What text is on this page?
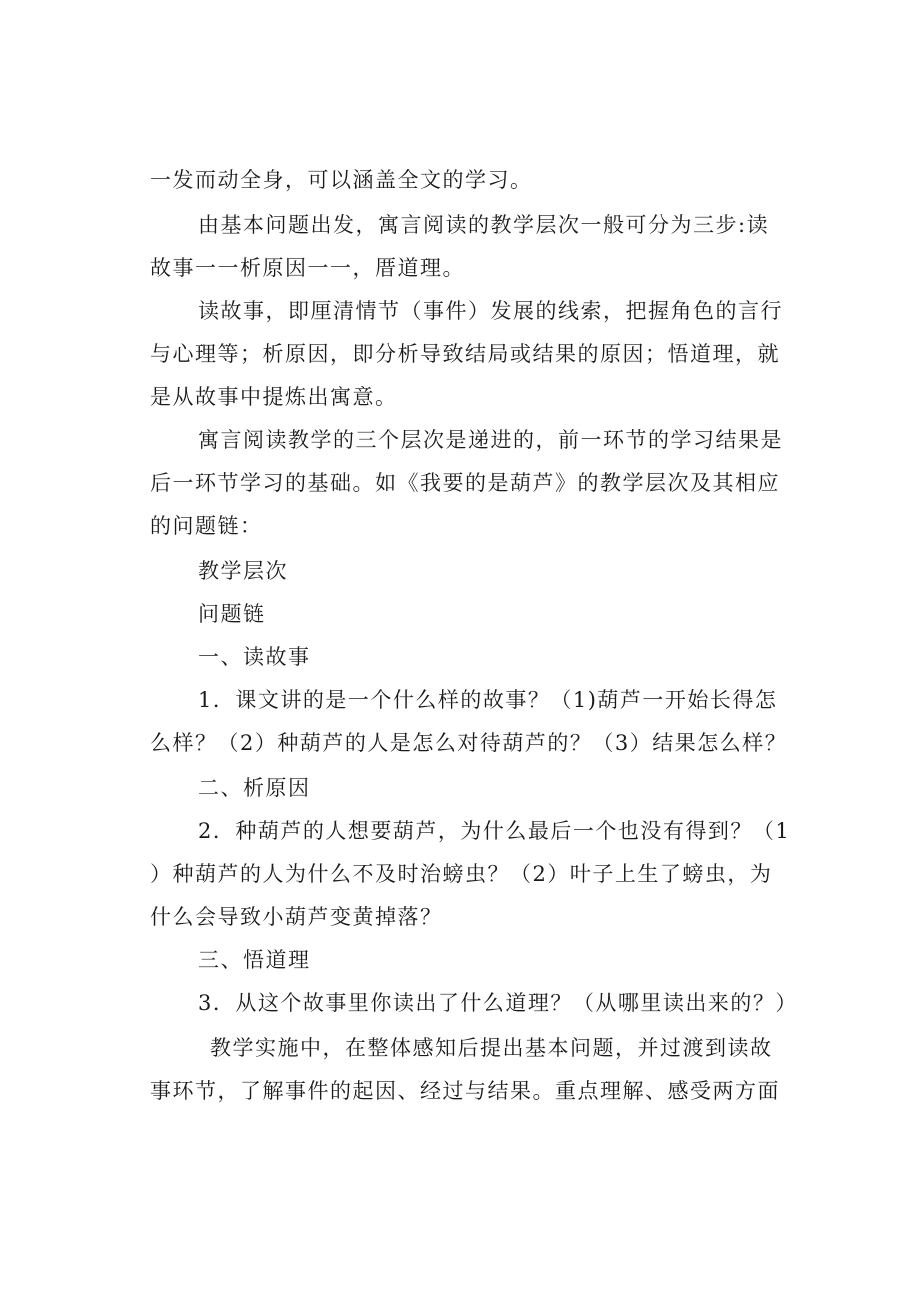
一发而动全身，可以涵盖全文的学习。
由基本问题出发，寓言阅读的教学层次一般可分为三步:读
故事一一析原因一一，厝道理。
读故事，即厘清情节（事件）发展的线索，把握角色的言行
与心理等；析原因，即分析导致结局或结果的原因；悟道理，就
是从故事中提炼出寓意。
寓言阅读教学的三个层次是递进的，前一环节的学习结果是
后一环节学习的基础。如《我要的是葫芦》的教学层次及其相应
的问题链：
教学层次
问题链
一、读故事
1．课文讲的是一个什么样的故事？（1)葫芦一开始长得怎
么样？（2）种葫芦的人是怎么对待葫芦的？（3）结果怎么样？
二、析原因
2．种葫芦的人想要葫芦，为什么最后一个也没有得到？（1
）种葫芦的人为什么不及时治螃虫？（2）叶子上生了螃虫，为
什么会导致小葫芦变黄掉落？
三、悟道理
3．从这个故事里你读出了什么道理？（从哪里读出来的？）
教学实施中，在整体感知后提出基本问题，并过渡到读故
事环节，了解事件的起因、经过与结果。重点理解、感受两方面
